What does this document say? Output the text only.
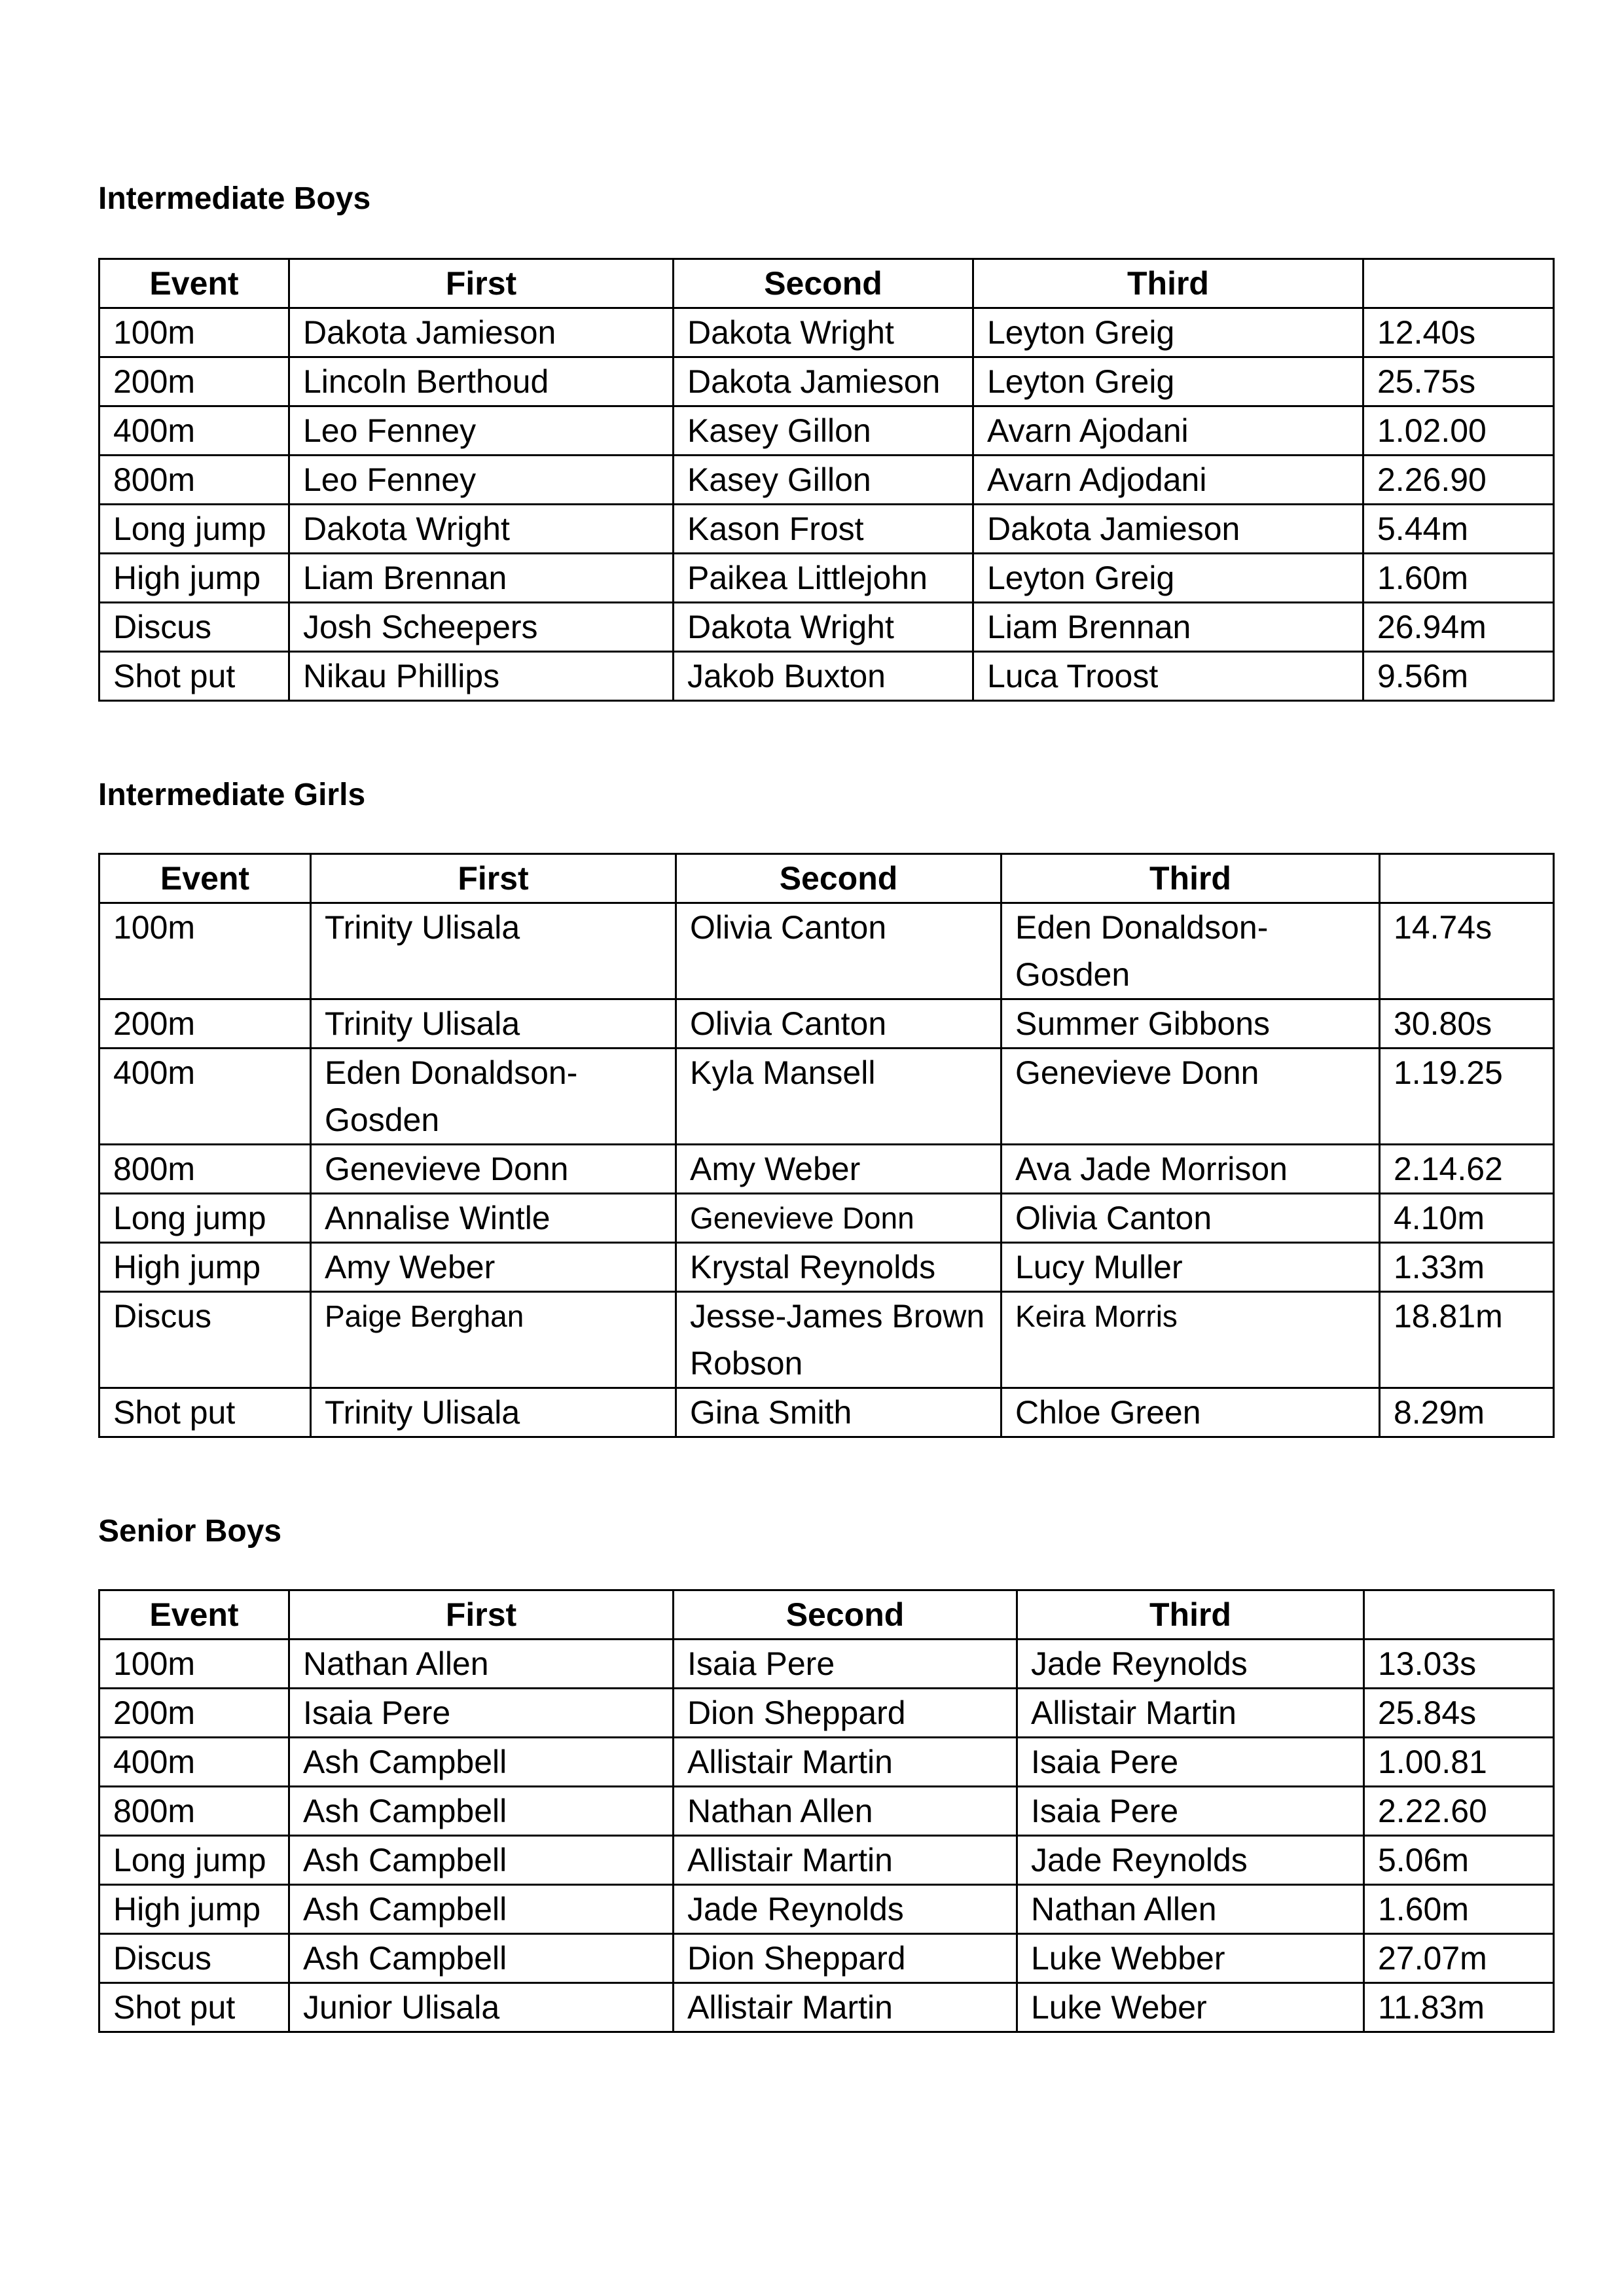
Intermediate Boys
Event	First	Second	Third	
100m	Dakota Jamieson	Dakota Wright	Leyton Greig	12.40s
200m	Lincoln Berthoud	Dakota Jamieson	Leyton Greig	25.75s
400m	Leo Fenney	Kasey Gillon	Avarn Ajodani	1.02.00
800m	Leo Fenney	Kasey Gillon	Avarn Adjodani	2.26.90
Long jump	Dakota Wright	Kason Frost	Dakota Jamieson	5.44m
High jump	Liam Brennan	Paikea Littlejohn	Leyton Greig	1.60m
Discus	Josh Scheepers	Dakota Wright	Liam Brennan	26.94m
Shot put	Nikau Phillips	Jakob Buxton	Luca Troost	9.56m
Intermediate Girls
Event	First	Second	Third	
100m	Trinity Ulisala	Olivia Canton	Eden Donaldson-Gosden	14.74s
200m	Trinity Ulisala	Olivia Canton	Summer Gibbons	30.80s
400m	Eden Donaldson-Gosden	Kyla Mansell	Genevieve Donn	1.19.25
800m	Genevieve Donn	Amy Weber	Ava Jade Morrison	2.14.62
Long jump	Annalise Wintle	Genevieve Donn	Olivia Canton	4.10m
High jump	Amy Weber	Krystal Reynolds	Lucy Muller	1.33m
Discus	Paige Berghan	Jesse-James Brown Robson	Keira Morris	18.81m
Shot put	Trinity Ulisala	Gina Smith	Chloe Green	8.29m
Senior Boys
Event	First	Second	Third	
100m	Nathan Allen	Isaia Pere	Jade Reynolds	13.03s
200m	Isaia Pere	Dion Sheppard	Allistair Martin	25.84s
400m	Ash Campbell	Allistair Martin	Isaia Pere	1.00.81
800m	Ash Campbell	Nathan Allen	Isaia Pere	2.22.60
Long jump	Ash Campbell	Allistair Martin	Jade Reynolds	5.06m
High jump	Ash Campbell	Jade Reynolds	Nathan Allen	1.60m
Discus	Ash Campbell	Dion Sheppard	Luke Webber	27.07m
Shot put	Junior Ulisala	Allistair Martin	Luke Weber	11.83m
